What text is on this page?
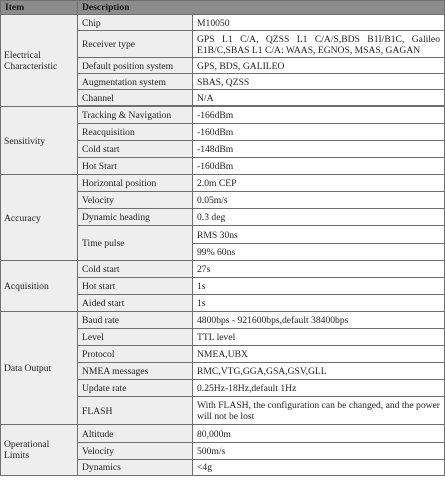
Item	Description	
Electrical Characteristic	Chip	M10050
	Receiver type	GPS L1 C/A, QZSS L1 C/A/S,BDS B1I/B1C, Galileo E1B/C,SBAS L1 C/A: WAAS, EGNOS, MSAS, GAGAN
	Default position system	GPS, BDS, GALILEO
	Augmentation system	SBAS, QZSS
	Channel	N/A

Sensitivity	Tracking & Navigation	-166dBm
	Reacquisition	-160dBm
	Cold start	-148dBm
	Hot Start	-160dBm
Accuracy	Horizontal position	2.0m CEP
	Velocity	0.05m/s
	Dynamic heading	0.3 deg
	Time pulse	RMS 30ns
		99% 60ns
Acquisition	Cold start	27s
	Hot start	1s
	Aided start	1s
Data Output	Baud rate	4800bps - 921600bps,default 38400bps
	Level	TTL level
	Protocol	NMEA,UBX
	NMEA messages	RMC,VTG,GGA,GSA,GSV,GLL
	Update rate	0.25Hz-18Hz,default 1Hz
	FLASH	With FLASH, the configuration can be changed, and the power will not be lost
Operational Limits	Altitude	80,000m
	Velocity	500m/s
	Dynamics	<4g
